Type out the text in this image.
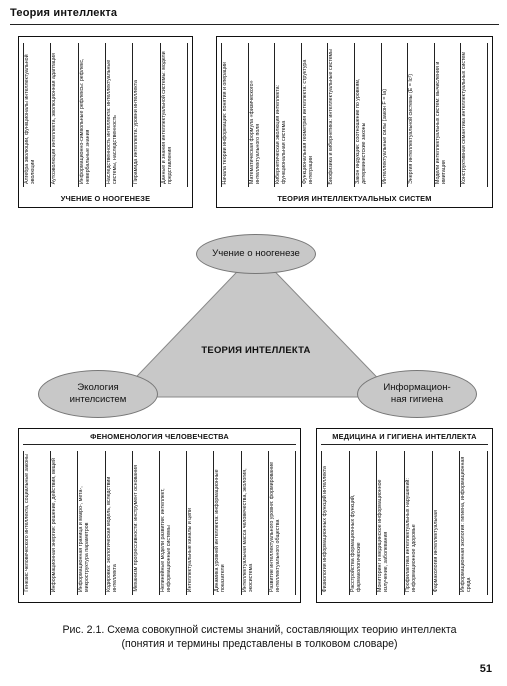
Теория интеллекта
Алгебра эволюции, функционалы интеллектуальной эволюции	Аутоэволюция интеллекта, эволюционная адаптация	Информационно-символьные рефлексы: рефлекс, невербальные знания	Наследственность интеллекта: интеллектуальные системы, наследственность	Пирамида интеллекта: уровни интеллекта	Данные и знания интеллектуальной системы: модели представления
УЧЕНИЕ О НООГЕНЕЗЕ
Начала теории информации: понятия и операции	Математическая формула «физического» интеллектуального поля	Кибернетическая эволюция интеллекта: функциональная система	Функциональная геометрия интеллекта: структура интеграции	Биофизика и кибернетика: интеллектуальные системы	Закон индукции: соотношение по уровням, детерминистские законы	Интеллектуальные силы (закон F = Ia)	Энергия интеллектуальной системы (E = Ic²)	Модели интеллектуальных систем: вычисления и имитация	Конструктивная семантика интеллектуальных систем
ТЕОРИЯ ИНТЕЛЛЕКТУАЛЬНЫХ СИСТЕМ
ТЕОРИЯ ИНТЕЛЛЕКТА
Учение о ноогенезе
Экология
интелсистем
Информацион-
ная гигиена
ФЕНОМЕНОЛОГИЯ ЧЕЛОВЕЧЕСТВА
Генезис человеческого интеллекта, социальные законы	Информационная энергия: решение, действия, вещей	Информационная граница и макро-, мета-, микроструктура параметров	Кодировка: экологическая модель, вследствии интеллекта	Механизм прогрессивности: инструмент основания	Нелинейные модели развития: интеллект, информационные системы	Интеллектуальные каналы и цепи	Динамика уровней интеллекта: информационные показатели	Интеллектуальная масса человечества, экология, экосистема	Развитие интеллектуального уровня: формирование интеллектуального общества
МЕДИЦИНА И ГИГИЕНА ИНТЕЛЛЕКТА
Физиология информационных функций интеллекта	Расстройства формационных функций, фармакологические	Мониторинг и медицинское информационное излучение, заболевания	Профилактика интеллектуальных нарушений: информационное здоровье	Фармакология интеллектуальная	Информационная экология: гигиена, информационная среда
Рис. 2.1. Схема совокупной системы знаний, составляющих теорию интеллекта
(понятия и термины представлены в толковом словаре)
51
